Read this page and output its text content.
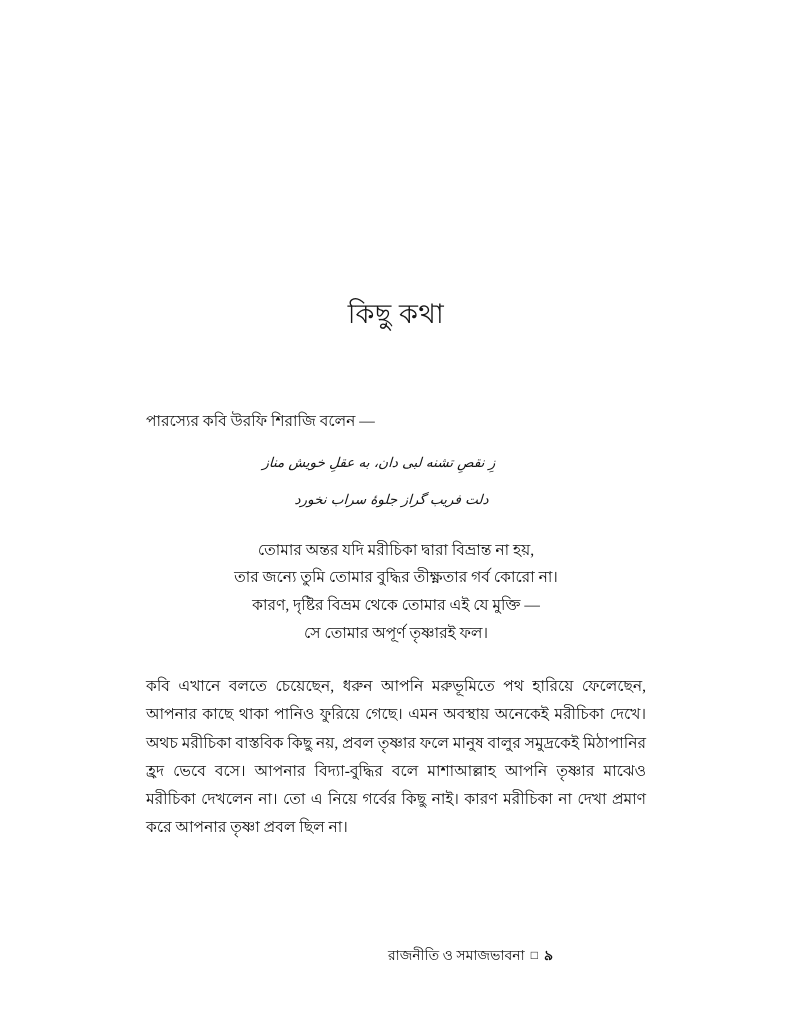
কিছু কথা

পারস্যের কবি উরফি শিরাজি বলেন —

زِ نقصِ تشنه لبی دان، به عقلِ خویش مناز
دلت فریب گراز جلوهٔ سراب نخورد
তোমার অন্তর যদি মরীচিকা দ্বারা বিভ্রান্ত না হয়,
তার জন্যে তুমি তোমার বুদ্ধির তীক্ষ্ণতার গর্ব কোরো না।
কারণ, দৃষ্টির বিভ্রম থেকে তোমার এই যে মুক্তি —
সে তোমার অপূর্ণ তৃষ্ণারই ফল।

কবি এখানে বলতে চেয়েছেন, ধরুন আপনি মরুভূমিতে পথ হারিয়ে ফেলেছেন, আপনার কাছে থাকা পানিও ফুরিয়ে গেছে। এমন অবস্থায় অনেকেই মরীচিকা দেখে। অথচ মরীচিকা বাস্তবিক কিছু নয়, প্রবল তৃষ্ণার ফলে মানুষ বালুর সমুদ্রকেই মিঠাপানির হ্রদ ভেবে বসে। আপনার বিদ্যা-বুদ্ধির বলে মাশাআল্লাহ আপনি তৃষ্ণার মাঝেও মরীচিকা দেখলেন না। তো এ নিয়ে গর্বের কিছু নাই। কারণ মরীচিকা না দেখা প্রমাণ করে আপনার তৃষ্ণা প্রবল ছিল না।

রাজনীতি ও সমাজভাবনা □ ৯
